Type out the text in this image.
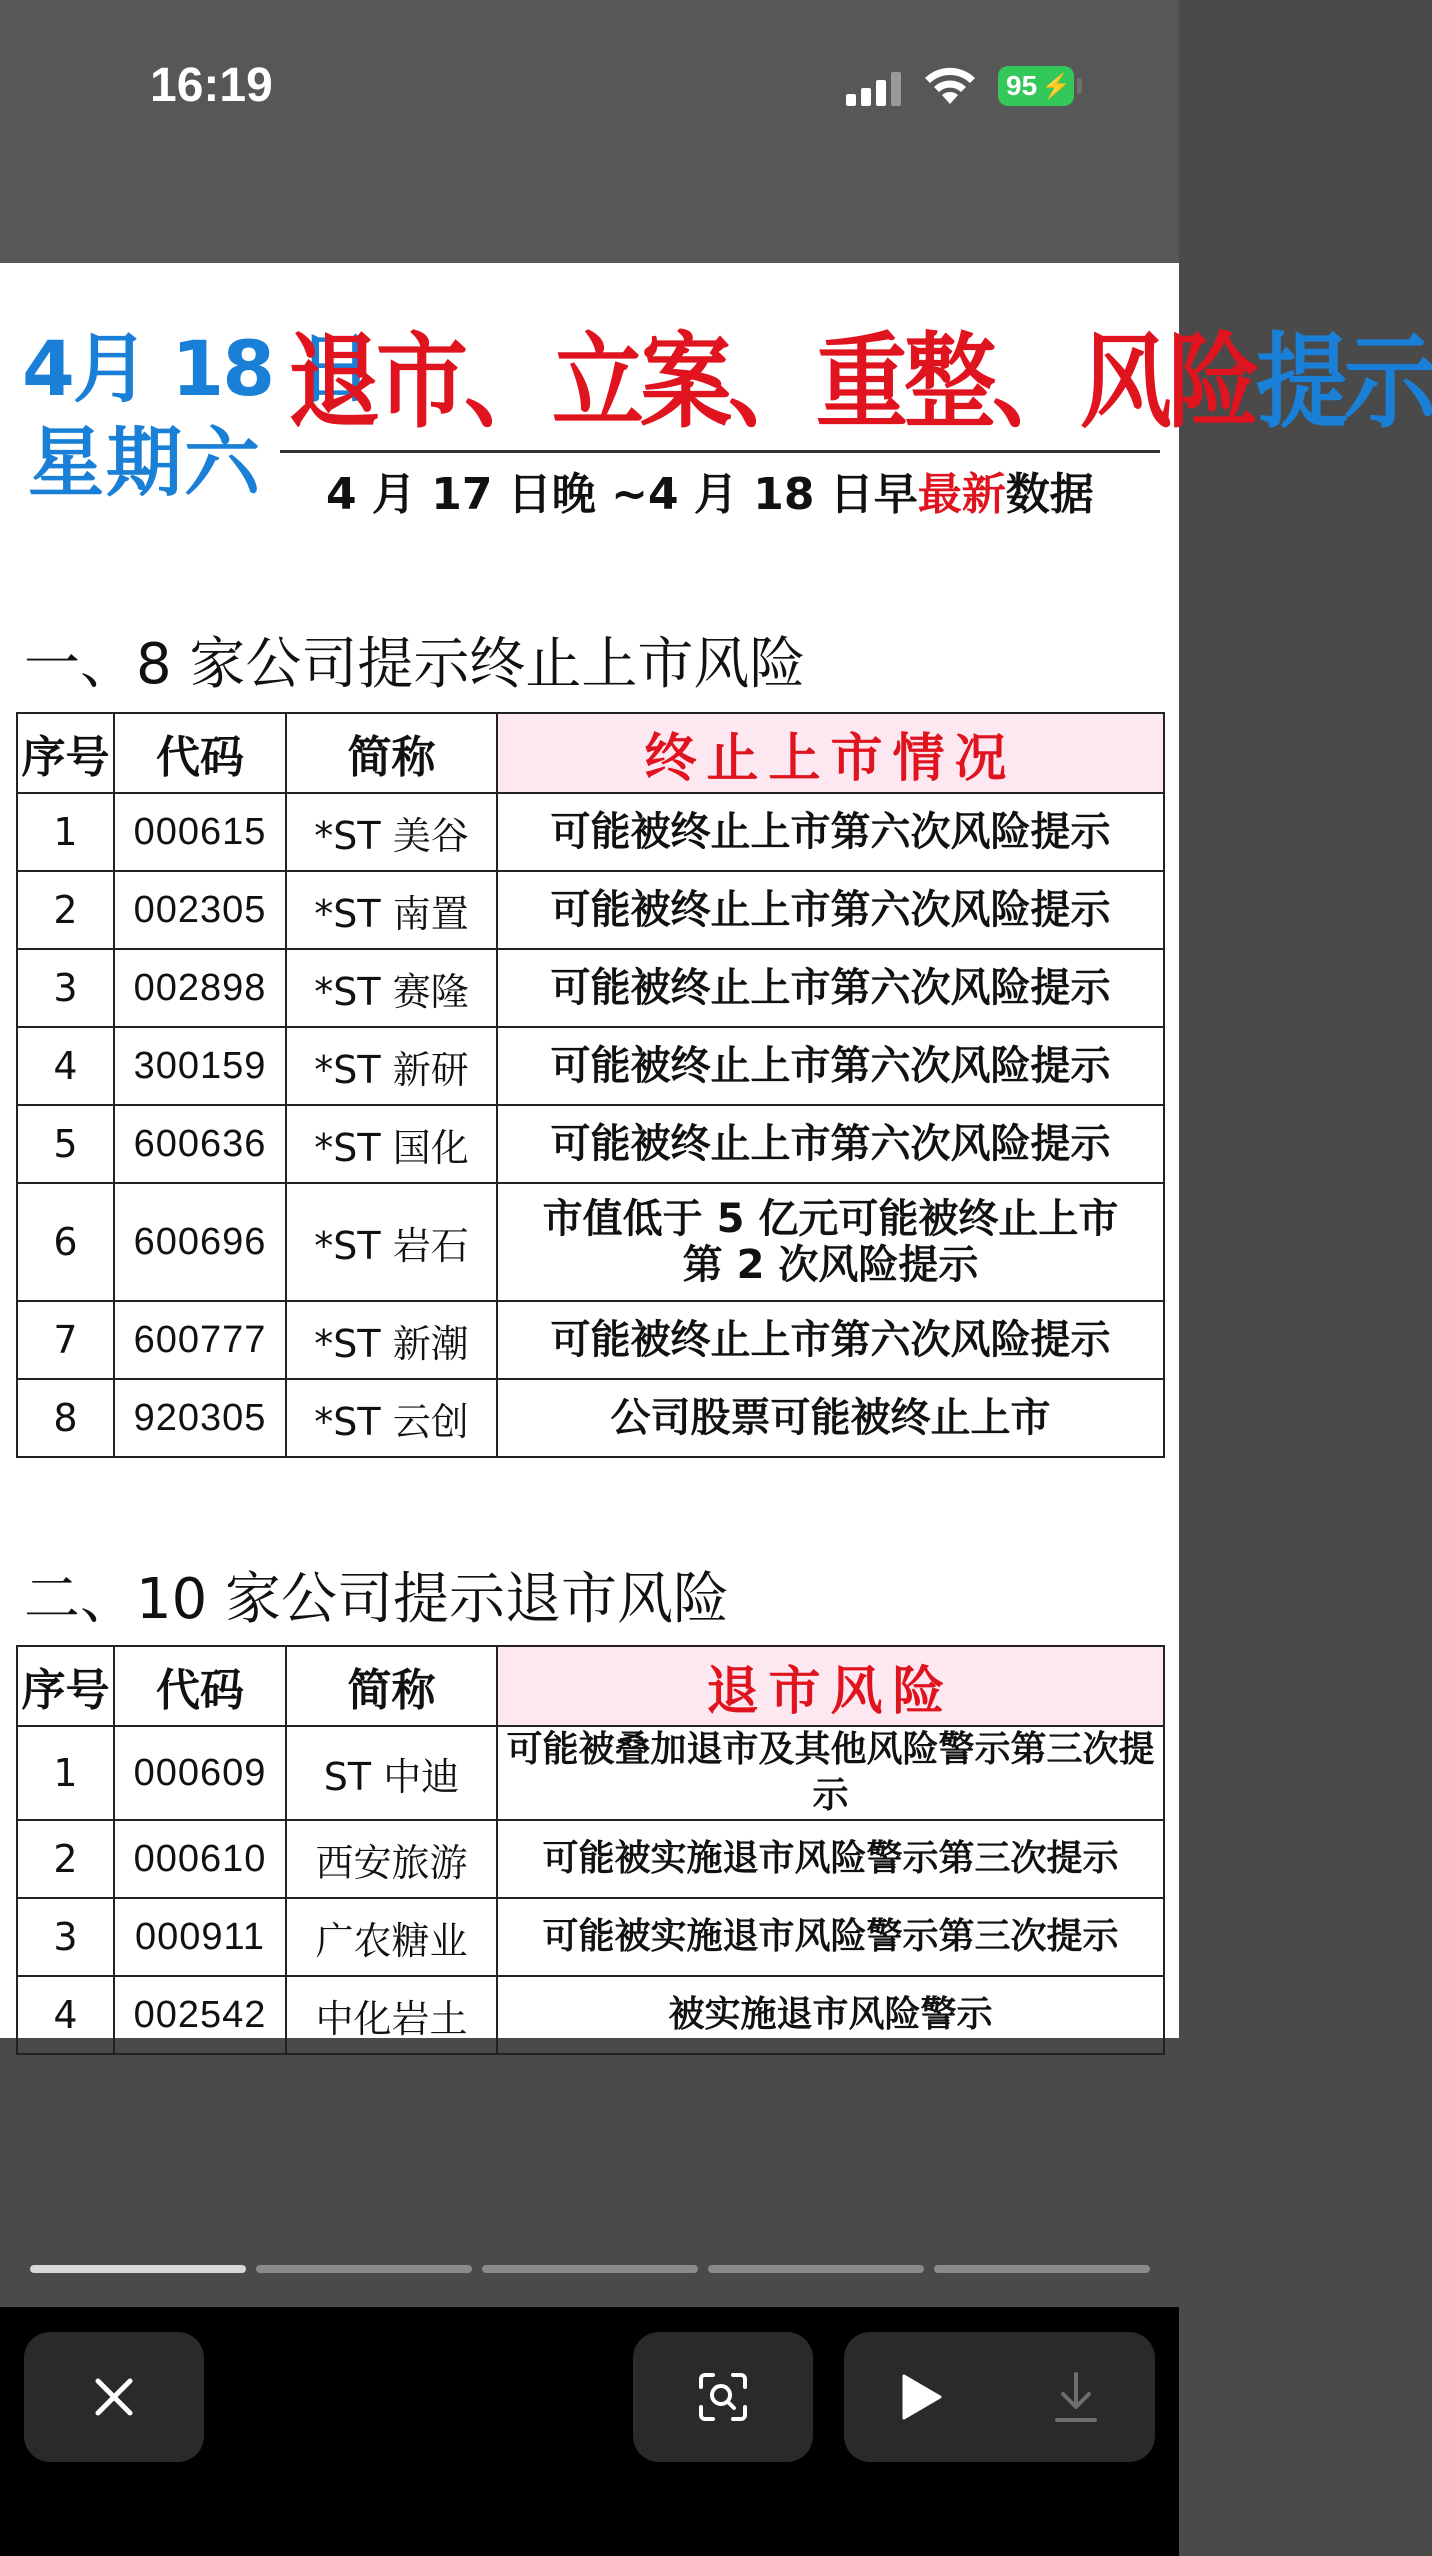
16:19	95 ⚡
4月 18 日
星期六
退市、立案、重整、风险提示
4 月 17 日晚 ~4 月 18 日早最新数据
一、8 家公司提示终止上市风险
序号	代码	简称	终止上市情况
1	000615	*ST 美谷	可能被终止上市第六次风险提示
2	002305	*ST 南置	可能被终止上市第六次风险提示
3	002898	*ST 赛隆	可能被终止上市第六次风险提示
4	300159	*ST 新研	可能被终止上市第六次风险提示
5	600636	*ST 国化	可能被终止上市第六次风险提示
6	600696	*ST 岩石	市值低于 5 亿元可能被终止上市
第 2 次风险提示

7	600777	*ST 新潮	可能被终止上市第六次风险提示
8	920305	*ST 云创	公司股票可能被终止上市
二、10 家公司提示退市风险
序号	代码	简称	退市风险
1	000609	ST 中迪	可能被叠加退市及其他风险警示第三次提示
2	000610	西安旅游	可能被实施退市风险警示第三次提示
3	000911	广农糖业	可能被实施退市风险警示第三次提示
4	002542	中化岩土	被实施退市风险警示
